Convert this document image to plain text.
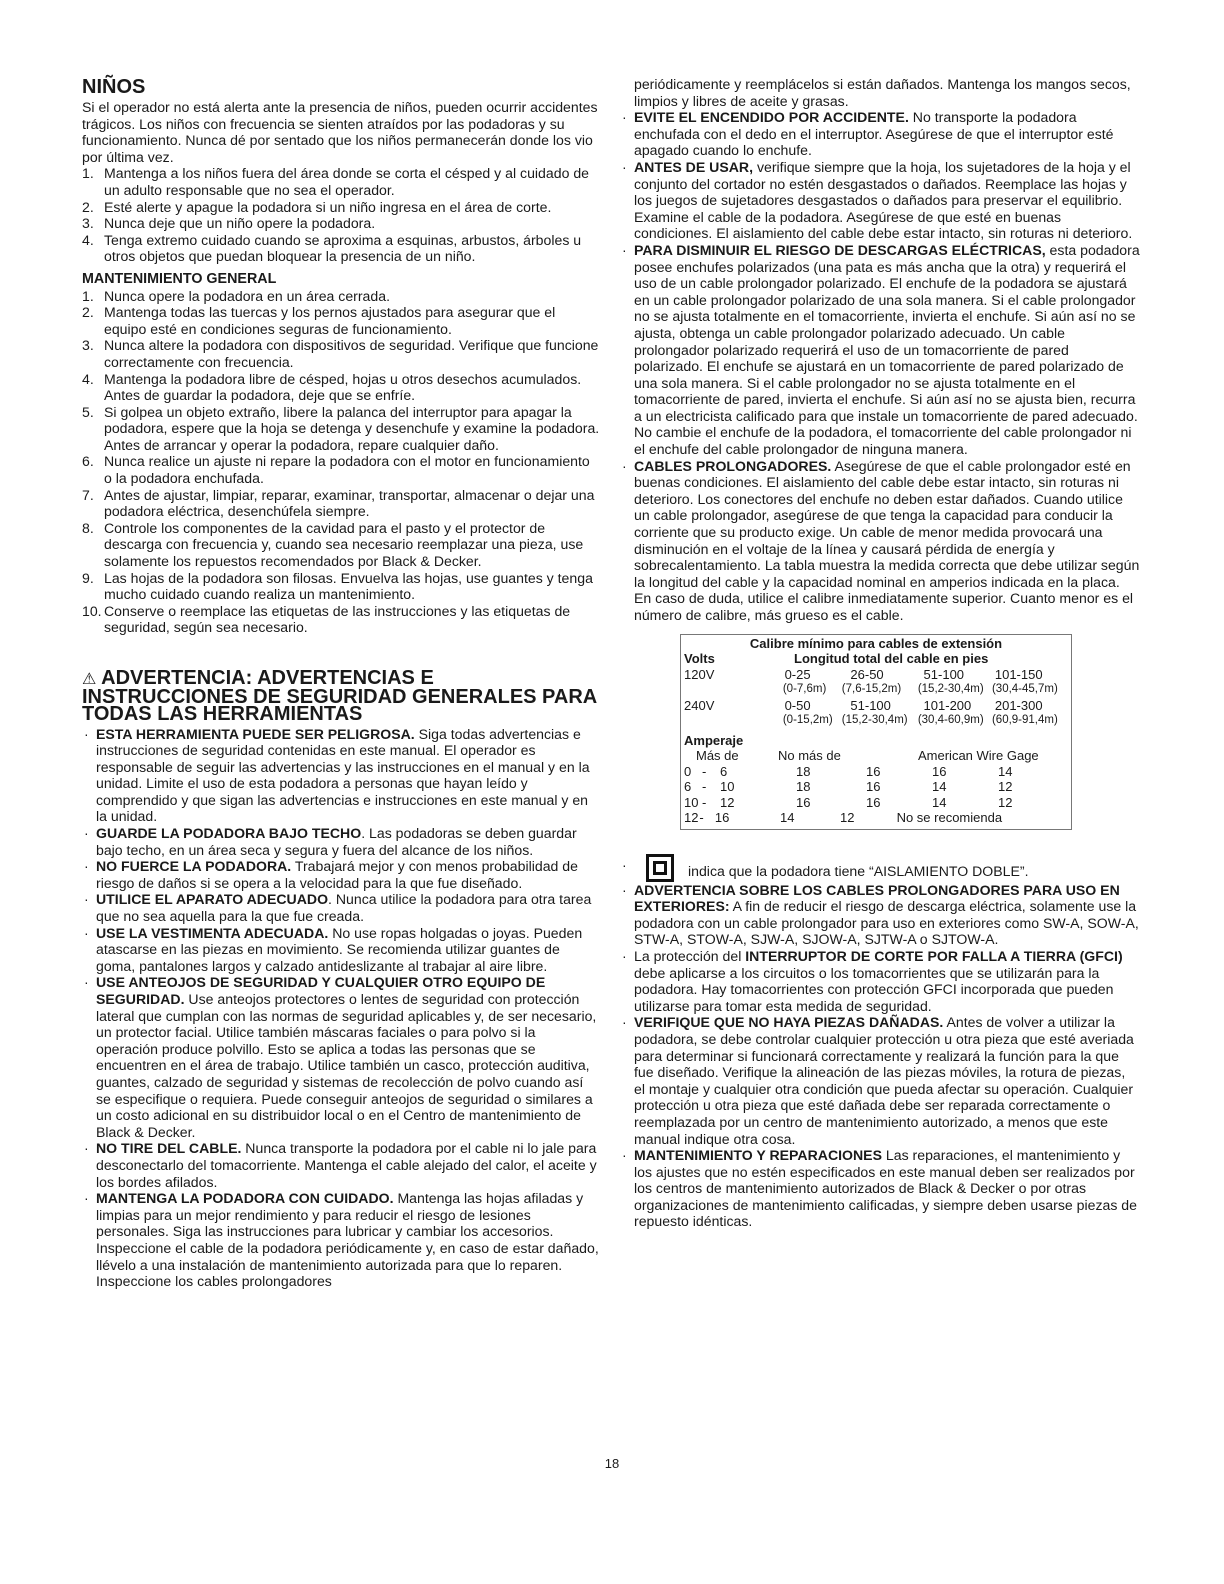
NIÑOS

Si el operador no está alerta ante la presencia de niños, pueden ocurrir accidentes trágicos. Los niños con frecuencia se sienten atraídos por las podadoras y su funcionamiento. Nunca dé por sentado que los niños permanecerán donde los vio por última vez.

1. Mantenga a los niños fuera del área donde se corta el césped y al cuidado de un adulto responsable que no sea el operador.
2. Esté alerte y apague la podadora si un niño ingresa en el área de corte.
3. Nunca deje que un niño opere la podadora.
4. Tenga extremo cuidado cuando se aproxima a esquinas, arbustos, árboles u otros objetos que puedan bloquear la presencia de un niño.
MANTENIMIENTO GENERAL
1. Nunca opere la podadora en un área cerrada.
2. Mantenga todas las tuercas y los pernos ajustados para asegurar que el equipo esté en condiciones seguras de funcionamiento.
3. Nunca altere la podadora con dispositivos de seguridad. Verifique que funcione correctamente con frecuencia.
4. Mantenga la podadora libre de césped, hojas u otros desechos acumulados. Antes de guardar la podadora, deje que se enfríe.
5. Si golpea un objeto extraño, libere la palanca del interruptor para apagar la podadora, espere que la hoja se detenga y desenchufe y examine la podadora. Antes de arrancar y operar la podadora, repare cualquier daño.
6. Nunca realice un ajuste ni repare la podadora con el motor en funcionamiento o la podadora enchufada.
7. Antes de ajustar, limpiar, reparar, examinar, transportar, almacenar o dejar una podadora eléctrica, desenchúfela siempre.
8. Controle los componentes de la cavidad para el pasto y el protector de descarga con frecuencia y, cuando sea necesario reemplazar una pieza, use solamente los repuestos recomendados por Black & Decker.
9. Las hojas de la podadora son filosas. Envuelva las hojas, use guantes y tenga mucho cuidado cuando realiza un mantenimiento.
10. Conserve o reemplace las etiquetas de las instrucciones y las etiquetas de seguridad, según sea necesario.
⚠ ADVERTENCIA: ADVERTENCIAS E INSTRUCCIONES DE SEGURIDAD GENERALES PARA TODAS LAS HERRAMIENTAS
· ESTA HERRAMIENTA PUEDE SER PELIGROSA. Siga todas advertencias e instrucciones de seguridad contenidas en este manual. El operador es responsable de seguir las advertencias y las instrucciones en el manual y en la unidad. Limite el uso de esta podadora a personas que hayan leído y comprendido y que sigan las advertencias e instrucciones en este manual y en la unidad.
· GUARDE LA PODADORA BAJO TECHO. Las podadoras se deben guardar bajo techo, en un área seca y segura y fuera del alcance de los niños.
· NO FUERCE LA PODADORA. Trabajará mejor y con menos probabilidad de riesgo de daños si se opera a la velocidad para la que fue diseñado.
· UTILICE EL APARATO ADECUADO. Nunca utilice la podadora para otra tarea que no sea aquella para la que fue creada.
· USE LA VESTIMENTA ADECUADA. No use ropas holgadas o joyas. Pueden atascarse en las piezas en movimiento. Se recomienda utilizar guantes de goma, pantalones largos y calzado antideslizante al trabajar al aire libre.
· USE ANTEOJOS DE SEGURIDAD Y CUALQUIER OTRO EQUIPO DE SEGURIDAD. Use anteojos protectores o lentes de seguridad con protección lateral que cumplan con las normas de seguridad aplicables y, de ser necesario, un protector facial. Utilice también máscaras faciales o para polvo si la operación produce polvillo. Esto se aplica a todas las personas que se encuentren en el área de trabajo. Utilice también un casco, protección auditiva, guantes, calzado de seguridad y sistemas de recolección de polvo cuando así se especifique o requiera. Puede conseguir anteojos de seguridad o similares a un costo adicional en su distribuidor local o en el Centro de mantenimiento de Black & Decker.
· NO TIRE DEL CABLE. Nunca transporte la podadora por el cable ni lo jale para desconectarlo del tomacorriente. Mantenga el cable alejado del calor, el aceite y los bordes afilados.
· MANTENGA LA PODADORA CON CUIDADO. Mantenga las hojas afiladas y limpias para un mejor rendimiento y para reducir el riesgo de lesiones personales. Siga las instrucciones para lubricar y cambiar los accesorios. Inspeccione el cable de la podadora periódicamente y, en caso de estar dañado, llévelo a una instalación de mantenimiento autorizada para que lo reparen. Inspeccione los cables prolongadores

periódicamente y reemplácelos si están dañados. Mantenga los mangos secos, limpios y libres de aceite y grasas.

· EVITE EL ENCENDIDO POR ACCIDENTE. No transporte la podadora enchufada con el dedo en el interruptor. Asegúrese de que el interruptor esté apagado cuando lo enchufe.
· ANTES DE USAR, verifique siempre que la hoja, los sujetadores de la hoja y el conjunto del cortador no estén desgastados o dañados. Reemplace las hojas y los juegos de sujetadores desgastados o dañados para preservar el equilibrio. Examine el cable de la podadora. Asegúrese de que esté en buenas condiciones. El aislamiento del cable debe estar intacto, sin roturas ni deterioro.
· PARA DISMINUIR EL RIESGO DE DESCARGAS ELÉCTRICAS, esta podadora posee enchufes polarizados (una pata es más ancha que la otra) y requerirá el uso de un cable prolongador polarizado. El enchufe de la podadora se ajustará en un cable prolongador polarizado de una sola manera. Si el cable prolongador no se ajusta totalmente en el tomacorriente, invierta el enchufe. Si aún así no se ajusta, obtenga un cable prolongador polarizado adecuado. Un cable prolongador polarizado requerirá el uso de un tomacorriente de pared polarizado. El enchufe se ajustará en un tomacorriente de pared polarizado de una sola manera. Si el cable prolongador no se ajusta totalmente en el tomacorriente de pared, invierta el enchufe. Si aún así no se ajusta bien, recurra a un electricista calificado para que instale un tomacorriente de pared adecuado. No cambie el enchufe de la podadora, el tomacorriente del cable prolongador ni el enchufe del cable prolongador de ninguna manera.
· CABLES PROLONGADORES. Asegúrese de que el cable prolongador esté en buenas condiciones. El aislamiento del cable debe estar intacto, sin roturas ni deterioro. Los conectores del enchufe no deben estar dañados. Cuando utilice un cable prolongador, asegúrese de que tenga la capacidad para conducir la corriente que su producto exige. Un cable de menor medida provocará una disminución en el voltaje de la línea y causará pérdida de energía y sobrecalentamiento. La tabla muestra la medida correcta que debe utilizar según la longitud del cable y la capacidad nominal en amperios indicada en la placa. En caso de duda, utilice el calibre inmediatamente superior. Cuanto menor es el número de calibre, más grueso es el cable.
Calibre mínimo para cables de extensión
Volts	Longitud total del cable en pies
120V	0-25	26-50	51-100	101-150
(0-7,6m)	(7,6-15,2m)	(15,2-30,4m) (30,4-45,7m)
240V	0-50	51-100	101-200	201-300
(0-15,2m) (15,2-30,4m) (30,4-60,9m) (60,9-91,4m)
Amperaje
Más de	No más de	American Wire Gage
0 -	6	18	16	16	14
6 -	10	18	16	14	12
10 -	12	16	16	14	12
12 - 16	14	12	No se recomienda
·	indica que la podadora tiene “AISLAMIENTO DOBLE”.
· ADVERTENCIA SOBRE LOS CABLES PROLONGADORES PARA USO EN EXTERIORES: A fin de reducir el riesgo de descarga eléctrica, solamente use la podadora con un cable prolongador para uso en exteriores como SW-A, SOW-A, STW-A, STOW-A, SJW-A, SJOW-A, SJTW-A o SJTOW-A.
· La protección del INTERRUPTOR DE CORTE POR FALLA A TIERRA (GFCI) debe aplicarse a los circuitos o los tomacorrientes que se utilizarán para la podadora. Hay tomacorrientes con protección GFCI incorporada que pueden utilizarse para tomar esta medida de seguridad.
· VERIFIQUE QUE NO HAYA PIEZAS DAÑADAS. Antes de volver a utilizar la podadora, se debe controlar cualquier protección u otra pieza que esté averiada para determinar si funcionará correctamente y realizará la función para la que fue diseñado. Verifique la alineación de las piezas móviles, la rotura de piezas, el montaje y cualquier otra condición que pueda afectar su operación. Cualquier protección u otra pieza que esté dañada debe ser reparada correctamente o reemplazada por un centro de mantenimiento autorizado, a menos que este manual indique otra cosa.
· MANTENIMIENTO Y REPARACIONES Las reparaciones, el mantenimiento y los ajustes que no estén especificados en este manual deben ser realizados por los centros de mantenimiento autorizados de Black & Decker o por otras organizaciones de mantenimiento calificadas, y siempre deben usarse piezas de repuesto idénticas.
18
